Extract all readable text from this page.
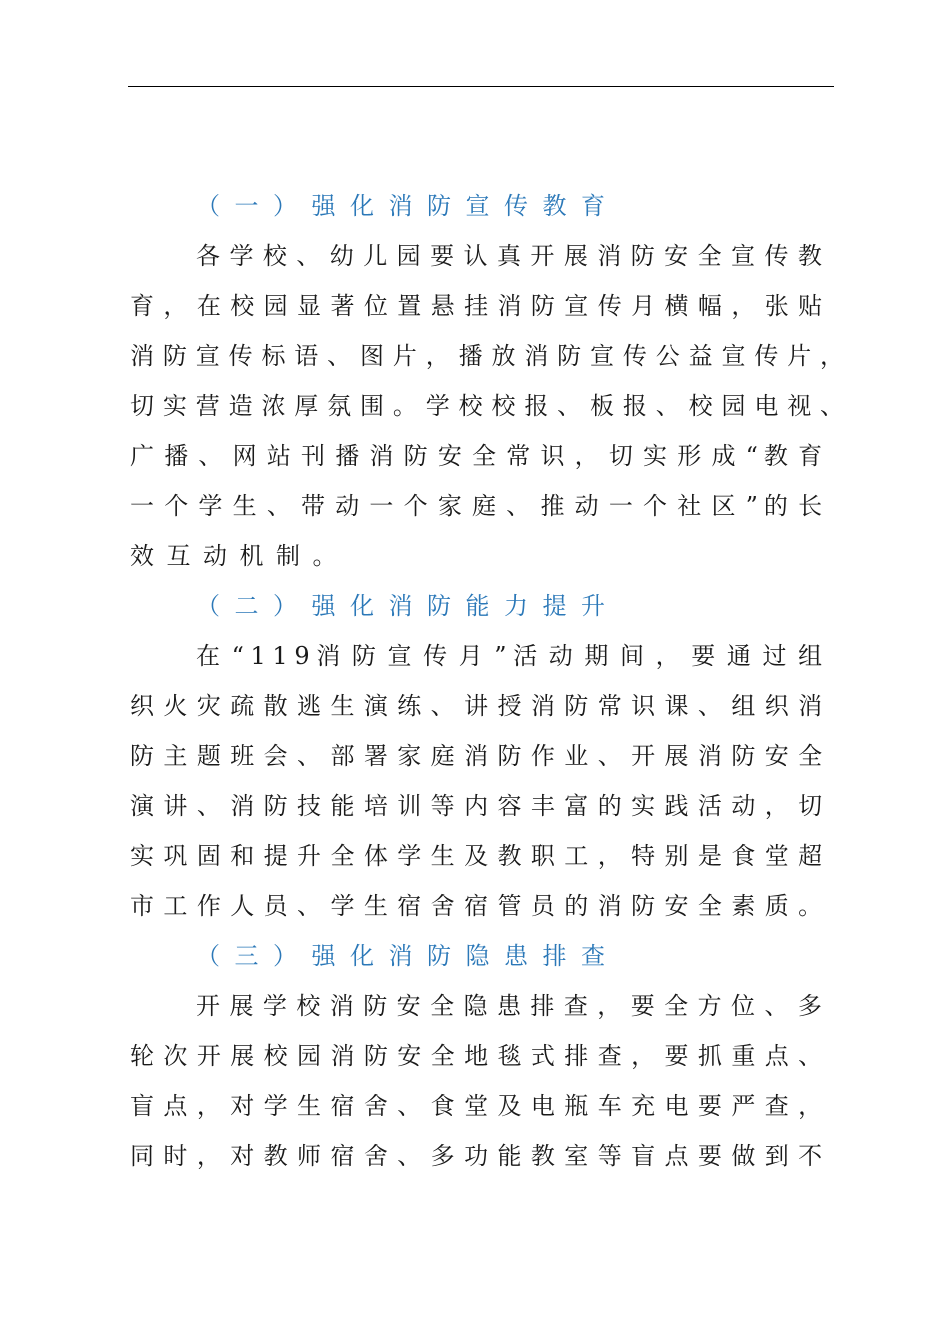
（一）强化消防宣传教育
各 学 校 、 幼 儿 园 要 认 真 开 展 消 防 安 全 宣 传 教
育 ， 在 校 园 显 著 位 置 悬 挂 消 防 宣 传 月 横 幅 ， 张 贴
消 防 宣 传 标 语 、 图 片 ， 播 放 消 防 宣 传 公 益 宣 传 片 ，
切 实 营 造 浓 厚 氛 围 。 学 校 校 报 、 板 报 、 校 园 电 视 、
广 播 、 网 站 刊 播 消 防 安 全 常 识 ， 切 实 形 成 “ 教 育
一 个 学 生 、 带 动 一 个 家 庭 、 推 动 一 个 社 区 ” 的 长
效互动机制。
（二）强化消防能力提升
在 “ 1 1 9 消 防 宣 传 月 ” 活 动 期 间 ， 要 通 过 组
织 火 灾 疏 散 逃 生 演 练 、 讲 授 消 防 常 识 课 、 组 织 消
防 主 题 班 会 、 部 署 家 庭 消 防 作 业 、 开 展 消 防 安 全
演 讲 、 消 防 技 能 培 训 等 内 容 丰 富 的 实 践 活 动 ， 切
实 巩 固 和 提 升 全 体 学 生 及 教 职 工 ， 特 别 是 食 堂 超
市 工 作 人 员 、 学 生 宿 舍 宿 管 员 的 消 防 安 全 素 质 。
（三）强化消防隐患排查
开 展 学 校 消 防 安 全 隐 患 排 查 ， 要 全 方 位 、 多
轮 次 开 展 校 园 消 防 安 全 地 毯 式 排 查 ， 要 抓 重 点 、
盲 点 ， 对 学 生 宿 舍 、 食 堂 及 电 瓶 车 充 电 要 严 查 ，
同 时 ， 对 教 师 宿 舍 、 多 功 能 教 室 等 盲 点 要 做 到 不
